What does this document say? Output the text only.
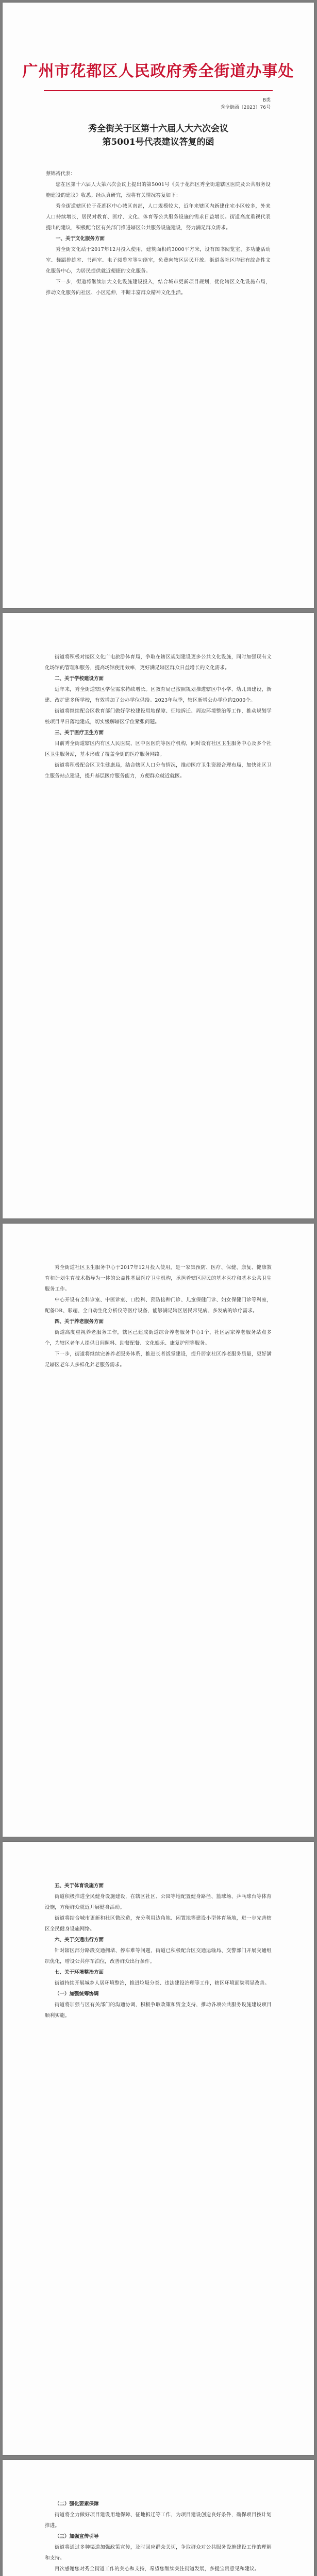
广州市花都区人民政府秀全街道办事处
B类
秀全街函〔2023〕76号
秀全街关于区第十六届人大六次会议
第5001号代表建议答复的函

蔡锦裕代表：

您在区第十六届人大第六次会议上提出的第5001号《关于花都区秀全街道辖区医院及公共服务设施建设的建议》收悉。经认真研究，现将有关情况答复如下：

秀全街道辖区位于花都区中心城区南部，人口规模较大，近年来辖区内新建住宅小区较多，外来人口持续增长，居民对教育、医疗、文化、体育等公共服务设施的需求日益增长。街道高度重视代表提出的建议，积极配合区有关部门推进辖区公共服务设施建设，努力满足群众需求。

一、关于文化服务方面

秀全街文化站于2017年12月投入使用，建筑面积约3000平方米，设有图书阅览室、多功能活动室、舞蹈排练室、书画室、电子阅览室等功能室，免费向辖区居民开放。街道各社区均建有综合性文化服务中心，为居民提供就近便捷的文化服务。

下一步，街道将继续加大文化设施建设投入，结合城市更新项目规划，优化辖区文化设施布局，推动文化服务向社区、小区延伸，不断丰富群众精神文化生活。

街道将积极对接区文化广电旅游体育局，争取在辖区规划建设更多公共文化设施，同时加强现有文化场馆的管理和服务，提高场馆使用效率，更好满足辖区群众日益增长的文化需求。

二、关于学校建设方面

近年来，秀全街道辖区学位需求持续增长。区教育局已按照规划推进辖区中小学、幼儿园建设，新建、改扩建多所学校，有效增加了公办学位供给。2023年秋季，辖区新增公办学位约2000个。

街道将继续配合区教育部门做好学校建设用地保障、征地拆迁、周边环境整治等工作，推动规划学校项目早日落地建成，切实缓解辖区学位紧张问题。

三、关于医疗卫生方面

目前秀全街道辖区内有区人民医院、区中医医院等医疗机构，同时设有社区卫生服务中心及多个社区卫生服务站，基本形成了覆盖全街的医疗服务网络。

街道将积极配合区卫生健康局，结合辖区人口分布情况，推动医疗卫生资源合理布局，加快社区卫生服务站点建设，提升基层医疗服务能力，方便群众就近就医。

秀全街道社区卫生服务中心于2017年12月投入使用，是一家集预防、医疗、保健、康复、健康教育和计划生育技术指导为一体的公益性基层医疗卫生机构，承担着辖区居民的基本医疗和基本公共卫生服务工作。

中心开设有全科诊室、中医诊室、口腔科、预防接种门诊、儿童保健门诊、妇女保健门诊等科室，配备DR、彩超、全自动生化分析仪等医疗设备，能够满足辖区居民常见病、多发病的诊疗需求。

四、关于养老服务方面

街道高度重视养老服务工作，辖区已建成街道综合养老服务中心1个、社区居家养老服务站点多个，为辖区老年人提供日间照料、助餐配餐、文化娱乐、康复护理等服务。

下一步，街道将继续完善养老服务体系，推进长者饭堂建设，提升居家社区养老服务质量，更好满足辖区老年人多样化养老服务需求。

五、关于体育设施方面

街道积极推进全民健身设施建设，在辖区社区、公园等地配置健身路径、篮球场、乒乓球台等体育设施，方便群众就近开展健身活动。

街道将结合城市更新和社区微改造，充分利用边角地、闲置地等建设小型体育场地，进一步完善辖区全民健身设施网络。

六、关于交通出行方面

针对辖区部分路段交通拥堵、停车难等问题，街道已积极配合区交通运输局、交警部门开展交通组织优化，增设公共停车泊位，改善群众出行条件。

七、关于环境整治方面

街道持续开展城乡人居环境整治，推进垃圾分类、违法建设治理等工作，辖区环境面貌明显改善。

（一）加强统筹协调

街道将加强与区有关部门的沟通协调，积极争取政策和资金支持，推动各项公共服务设施建设项目顺利实施。

（二）强化要素保障

街道将全力做好项目建设用地保障、征地拆迁等工作，为项目建设创造良好条件，确保项目按计划推进。

（三）加强宣传引导

街道将通过多种渠道加强政策宣传，及时回应群众关切，争取群众对公共服务设施建设工作的理解和支持。

再次感谢您对秀全街道工作的关心和支持，希望您继续关注街道发展，多提宝贵意见和建议。
